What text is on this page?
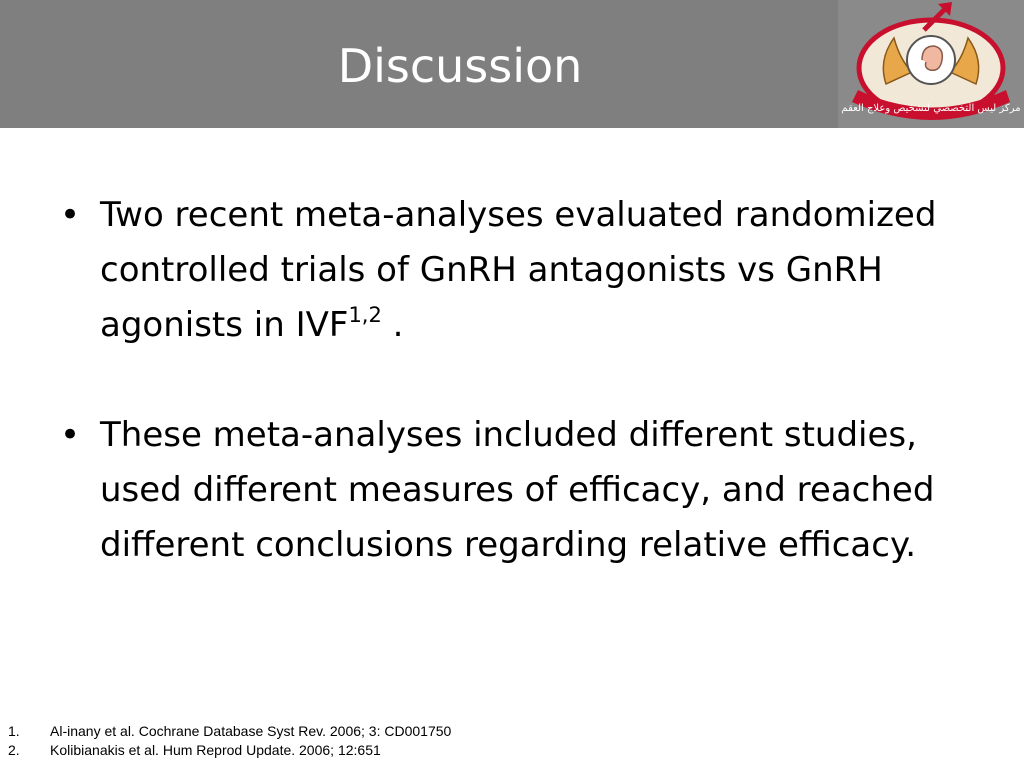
Discussion
مركز ليس التخصصي لتشخيص وعلاج العقم
• Two recent meta-analyses evaluated randomized controlled trials of GnRH antagonists vs GnRH agonists in IVF$^{1,2}$ .
• These meta-analyses included different studies, used different measures of efficacy, and reached different conclusions regarding relative efficacy.
1.	Al-inany et al. Cochrane Database Syst Rev. 2006; 3: CD001750
2.	Kolibianakis et al. Hum Reprod Update. 2006; 12:651
